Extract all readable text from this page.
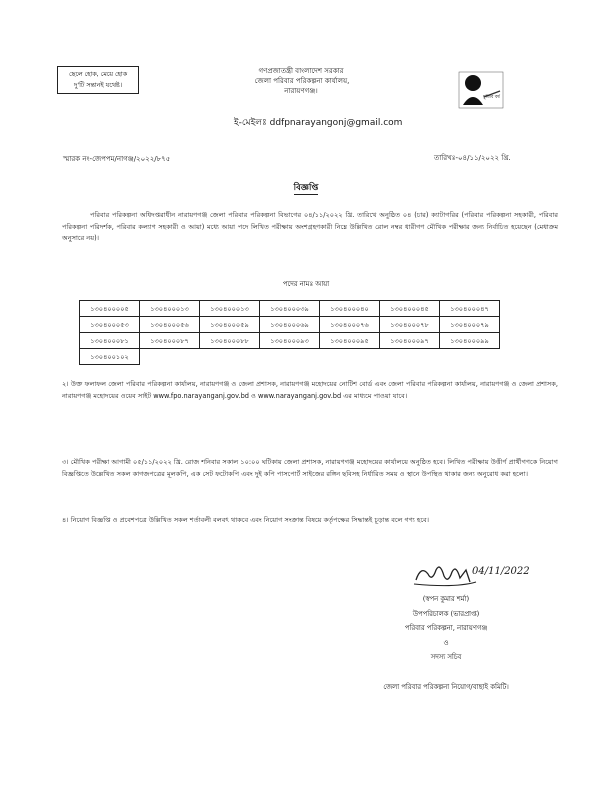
ছেলে হোক, মেয়ে হোক
দু'টি সন্তানই যথেষ্ট।
গণপ্রজাতন্ত্রী বাংলাদেশ সরকার
জেলা পরিবার পরিকল্পনা কার্যালয়,
নারায়ণগঞ্জ।
ই-মেইলঃ ddfpnarayangonj@gmail.com
মুজিব বর্ষ
স্মারক নং-জেপপম/নাগঞ্জ/২০২২/৮৭৫	তারিখঃ-০৪/১১/২০২২ খ্রি.
বিজ্ঞপ্তি
পরিবার পরিকল্পনা অধিদপ্তরাধীন নারায়ণগঞ্জ জেলা পরিবার পরিকল্পনা বিভাগের ০৪/১১/২০২২ খ্রি. তারিখে অনুষ্ঠিত ০৪ (চার) ক্যাটাগরির (পরিবার পরিকল্পনা সহকারী, পরিবার পরিকল্পনা পরিদর্শক, পরিবার কল্যাণ সহকারী ও আয়া) মধ্যে আয়া পদে লিখিত পরীক্ষায় অংশগ্রহণকারী নিম্নে উল্লিখিত রোল নম্বর ধারীগণ মৌখিক পরীক্ষার জন্য নির্বাচিত হয়েছেন (মেধাক্রম অনুসারে নয়)।
পদের নামঃ আয়া
১৩০৪০০০০৫	১৩০৪০০০১৩	১৩০৪০০০১৩	১৩০৪০০০৩৯	১৩০৪০০০৪০	১৩০৪০০০৪৫	১৩০৪০০০৪৭
১৩০৪০০০৫৩	১৩০৪০০০৫৬	১৩০৪০০০৫৯	১৩০৪০০০৬৯	১৩০৪০০০৭৬	১৩০৪০০০৭৮	১৩০৪০০০৭৯
১৩০৪০০০৮১	১৩০৪০০০৮৭	১৩০৪০০০৮৮	১৩০৪০০০৯৩	১৩০৪০০০৯৫	১৩০৪০০০৯৭	১৩০৪০০০৯৯
১৩০৪০০১০২						
২। উক্ত ফলাফল জেলা পরিবার পরিকল্পনা কার্যালয়, নারায়ণগঞ্জ ও জেলা প্রশাসক, নারায়ণগঞ্জ মহোদয়ের নোটিশ বোর্ড এবং জেলা পরিবার পরিকল্পনা কার্যালয়, নারায়ণগঞ্জ ও জেলা প্রশাসক, নারায়ণগঞ্জ মহোদয়ের ওয়েব সাইট www.fpo.narayanganj.gov.bd ও www.narayanganj.gov.bd এর মাধ্যমে পাওয়া যাবে।
৩। মৌখিক পরীক্ষা আগামী ০৫/১১/২০২২ খ্রি. রোজ শনিবার সকাল ১০:০০ ঘটিকায় জেলা প্রশাসক, নারায়ণগঞ্জ মহোদয়ের কার্যালয়ে অনুষ্ঠিত হবে। লিখিত পরীক্ষায় উত্তীর্ণ প্রার্থীগণকে নিয়োগ বিজ্ঞপ্তিতে উল্লেখিত সকল কাগজপত্রের মূলকপি, এক সেট ফটোকপি এবং দুই কপি পাসপোর্ট সাইজের রঙ্গিন ছবিসহ নির্ধারিত সময় ও স্থানে উপস্থিত থাকার জন্য অনুরোধ করা হলো।
৪। নিয়োগ বিজ্ঞপ্তি ও প্রবেশপত্রে উল্লিখিত সকল শর্তাবলী বলবৎ থাকবে এবং নিয়োগ সংক্রান্ত বিষয়ে কর্তৃপক্ষের সিদ্ধান্তই চূড়ান্ত বলে গণ্য হবে।
04/11/2022
(স্বপন কুমার শর্মা)
উপপরিচালক (ভারপ্রাপ্ত)
পরিবার পরিকল্পনা, নারায়ণগঞ্জ
ও
সদস্য সচিব
জেলা পরিবার পরিকল্পনা নিয়োগ/বাছাই কমিটি।
